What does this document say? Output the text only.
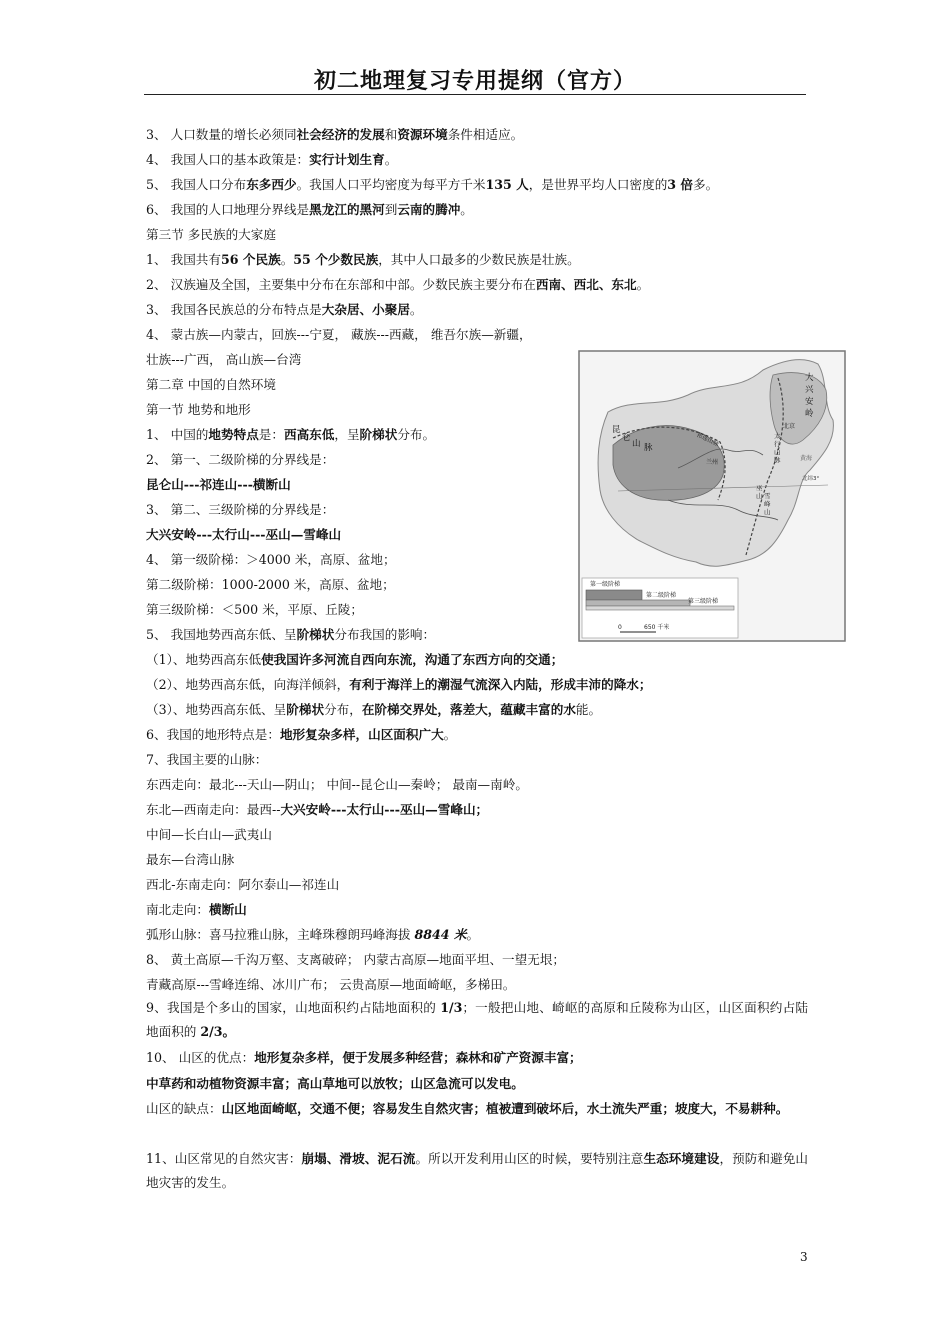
初二地理复习专用提纲（官方）
3、 人口数量的增长必须同社会经济的发展和资源环境条件相适应。
4、 我国人口的基本政策是：实行计划生育。
5、 我国人口分布东多西少。我国人口平均密度为每平方千米135 人，是世界平均人口密度的3 倍多。
6、 我国的人口地理分界线是黑龙江的黑河到云南的腾冲。
第三节 多民族的大家庭
1、 我国共有56 个民族。55 个少数民族，其中人口最多的少数民族是壮族。
2、 汉族遍及全国，主要集中分布在东部和中部。少数民族主要分布在西南、西北、东北。
3、 我国各民族总的分布特点是大杂居、小聚居。
4、 蒙古族—内蒙古，回族---宁夏， 藏族---西藏， 维吾尔族—新疆，
壮族---广西， 高山族—台湾
第二章 中国的自然环境
第一节 地势和地形
1、 中国的地势特点是：西高东低，呈阶梯状分布。
2、 第一、二级阶梯的分界线是：
昆仑山---祁连山---横断山
3、 第二、三级阶梯的分界线是：
大兴安岭---太行山---巫山—雪峰山
4、 第一级阶梯：＞4000 米，高原、盆地；
第二级阶梯：1000-2000 米，高原、盆地；
第三级阶梯：＜500 米，平原、丘陵；
5、 我国地势西高东低、呈阶梯状分布我国的影响：
（1）、地势西高东低使我国许多河流自西向东流，沟通了东西方向的交通；
（2）、地势西高东低，向海洋倾斜，有利于海洋上的潮湿气流深入内陆，形成丰沛的降水；
（3）、地势西高东低、呈阶梯状分布，在阶梯交界处，落差大，蕴藏丰富的水能。
6、我国的地形特点是：地形复杂多样，山区面积广大。
7、我国主要的山脉：
东西走向：最北---天山—阴山； 中间--昆仑山—秦岭； 最南—南岭。
东北—西南走向：最西--大兴安岭---太行山---巫山—雪峰山；
中间—长白山—武夷山
最东—台湾山脉
西北-东南走向：阿尔泰山—祁连山
南北走向：横断山
弧形山脉：喜马拉雅山脉，主峰珠穆朗玛峰海拔 8844 米。
8、 黄土高原—千沟万壑、支离破碎； 内蒙古高原—地面平坦、一望无垠；
青藏高原---雪峰连绵、冰川广布； 云贵高原—地面崎岖，多梯田。
9、我国是个多山的国家，山地面积约占陆地面积的 1/3；一般把山地、崎岖的高原和丘陵称为山区，山区面积约占陆地面积的 2/3。
10、 山区的优点：地形复杂多样，便于发展多种经营；森林和矿产资源丰富；
中草药和动植物资源丰富；高山草地可以放牧；山区急流可以发电。
山区的缺点：山区地面崎岖，交通不便；容易发生自然灾害；植被遭到破坏后，水土流失严重；坡度大，不易耕种。
11、山区常见的自然灾害：崩塌、滑坡、泥石流。所以开发利用山区的时候，要特别注意生态环境建设，预防和避免山地灾害的发生。
大
兴
安
岭
昆
仑
山 脉
祁连山脉	太
行
山
脉
巫
山 雪
峰
山
兰州
北京
黄海
北纬3°
第一级阶梯
第二级阶梯
第三级阶梯
0	650 千米
3
